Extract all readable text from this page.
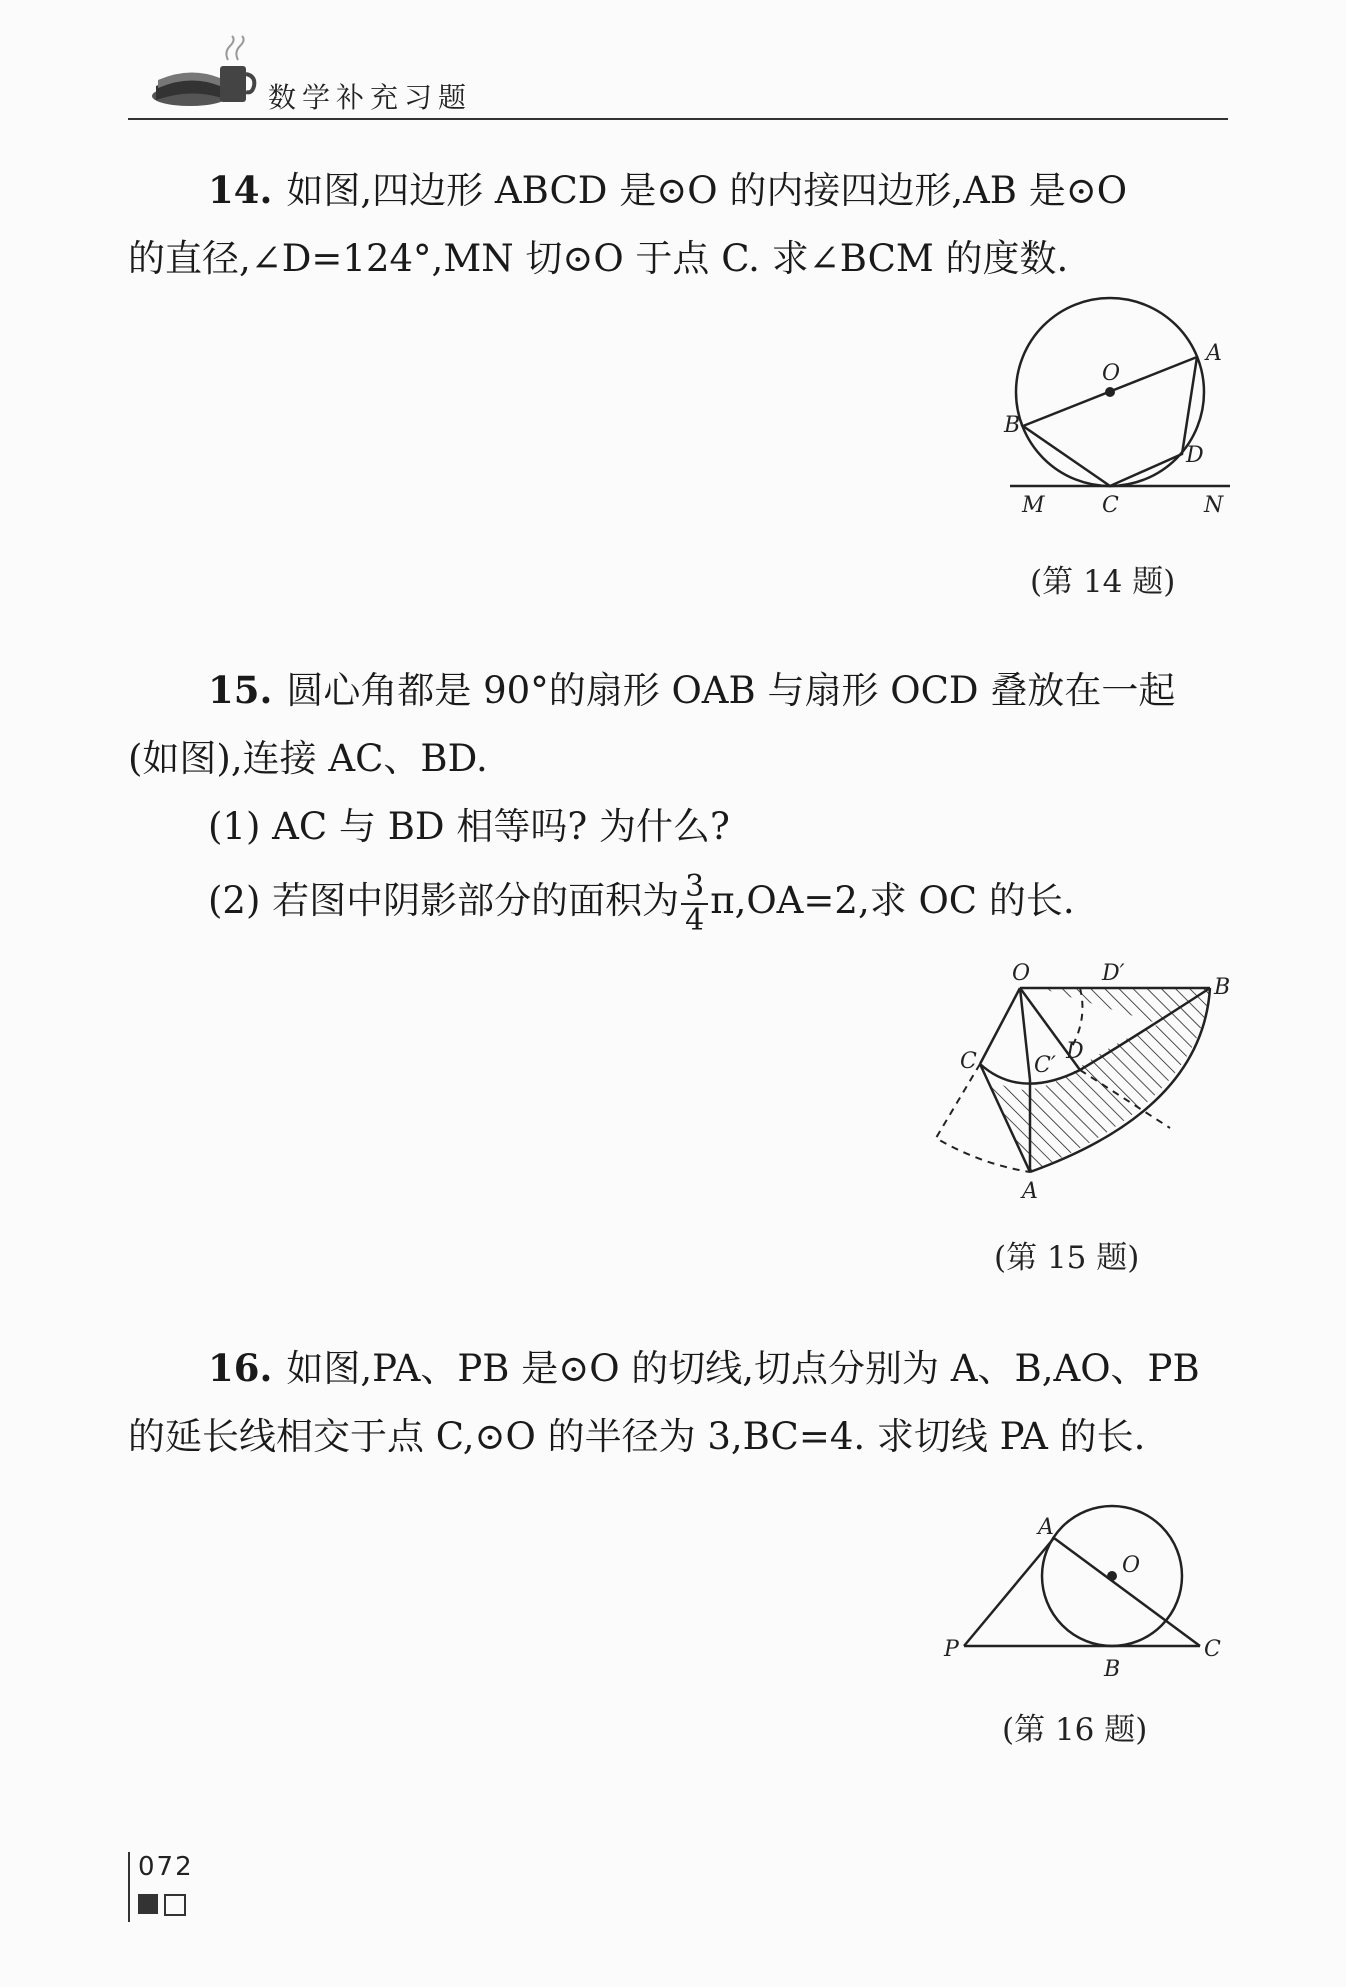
数学补充习题

14. 如图,四边形 ABCD 是⊙O 的内接四边形,AB 是⊙O

的直径,∠D=124°,MN 切⊙O 于点 C. 求∠BCM 的度数.

O
A
B
D
M	C	N
(第 14 题)

15. 圆心角都是 90°的扇形 OAB 与扇形 OCD 叠放在一起

(如图),连接 AC、BD.

(1) AC 与 BD 相等吗? 为什么?

(2) 若图中阴影部分的面积为 $\frac{3}{4} \pi,OA=2$,求 OC 的长.

O	D′
B
C	C′
D
A
(第 15 题)

16. 如图,PA、PB 是⊙O 的切线,切点分别为 A、B,AO、PB

的延长线相交于点 C,⊙O 的半径为 3,BC=4. 求切线 PA 的长.

A
O
P
B
C
(第 16 题)
072
